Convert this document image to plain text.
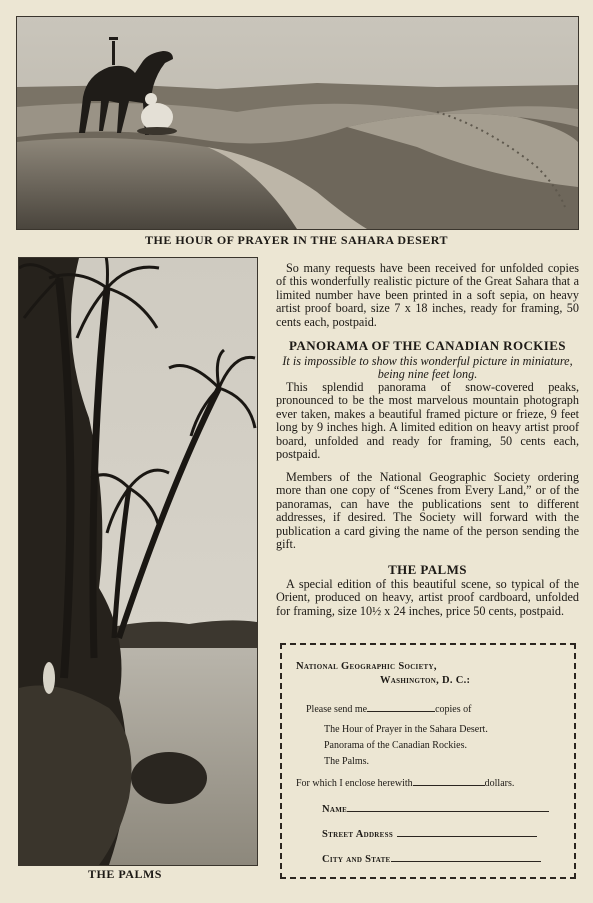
THE HOUR OF PRAYER IN THE SAHARA DESERT
THE PALMS

So many requests have been received for unfolded copies of this wonderfully realistic picture of the Great Sahara that a limited number have been printed in a soft sepia, on heavy artist proof board, size 7 x 18 inches, ready for framing, 50 cents each, postpaid.

PANORAMA OF THE CANADIAN ROCKIES

It is impossible to show this wonderful picture in miniature, being nine feet long.

This splendid panorama of snow-covered peaks, pronounced to be the most marvelous mountain photograph ever taken, makes a beautiful framed picture or frieze, 9 feet long by 9 inches high. A limited edition on heavy artist proof board, unfolded and ready for framing, 50 cents each, postpaid.

Members of the National Geographic Society ordering more than one copy of “Scenes from Every Land,” or of the panoramas, can have the publications sent to different addresses, if desired. The Society will forward with the publication a card giving the name of the person sending the gift.

THE PALMS

A special edition of this beautiful scene, so typical of the Orient, produced on heavy, artist proof cardboard, unfolded for framing, size 10½ x 24 inches, price 50 cents, postpaid.

National Geographic Society,
Washington, D. C.:
Please send me	copies of
The Hour of Prayer in the Sahara Desert.
Panorama of the Canadian Rockies.
The Palms.
For which I enclose herewith	dollars.
Name
Street Address
City and State
